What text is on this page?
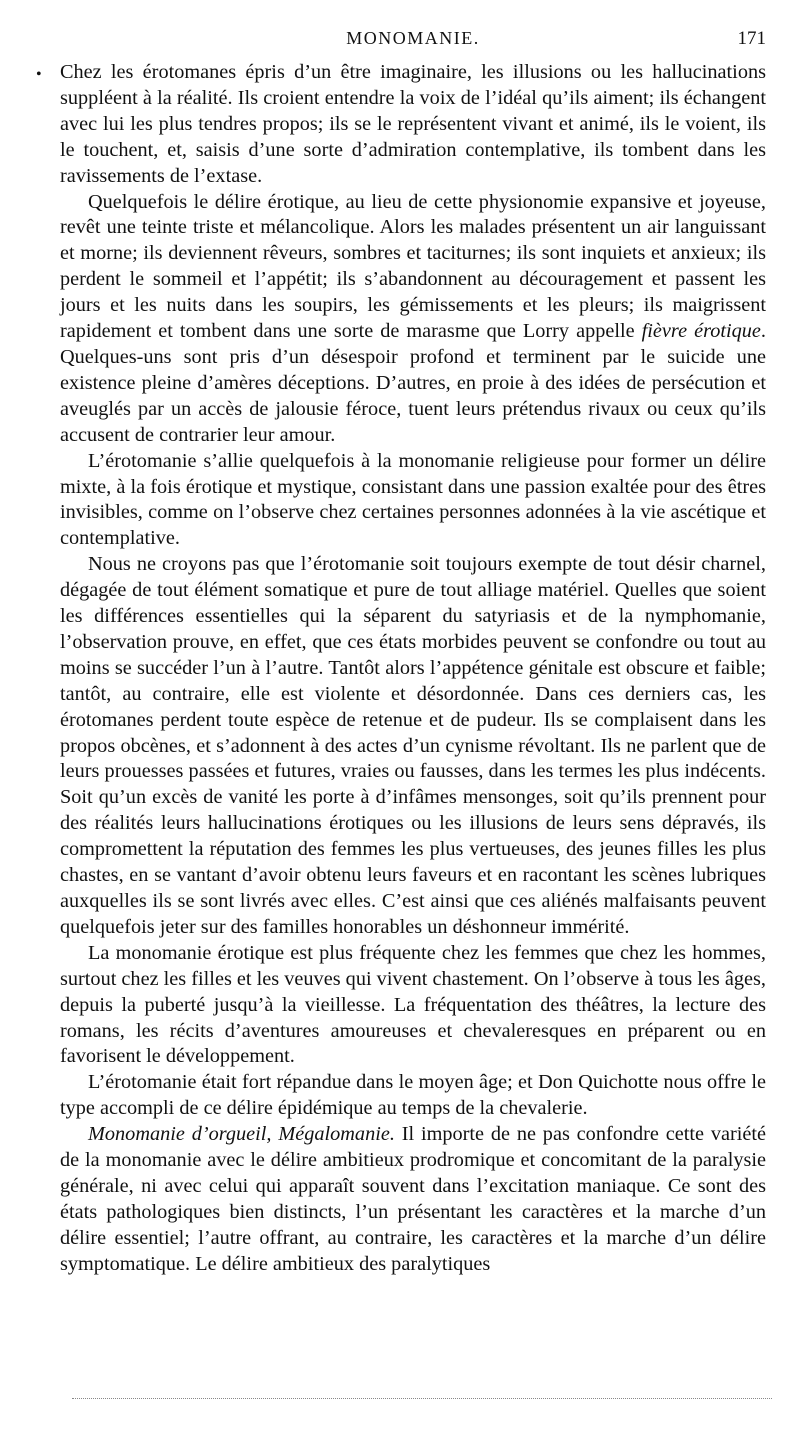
MONOMANIE.	171
• Chez les érotomanes épris d’un être imaginaire, les illusions ou les hallucinations suppléent à la réalité. Ils croient entendre la voix de l’idéal qu’ils aiment; ils échangent avec lui les plus tendres propos; ils se le représentent vivant et animé, ils le voient, ils le touchent, et, saisis d’une sorte d’admiration contemplative, ils tombent dans les ravissements de l’extase.

Quelquefois le délire érotique, au lieu de cette physionomie expansive et joyeuse, revêt une teinte triste et mélancolique. Alors les malades présentent un air languissant et morne; ils deviennent rêveurs, sombres et taciturnes; ils sont inquiets et anxieux; ils perdent le sommeil et l’appétit; ils s’abandonnent au découragement et passent les jours et les nuits dans les soupirs, les gémissements et les pleurs; ils maigrissent rapidement et tombent dans une sorte de marasme que Lorry appelle fièvre érotique. Quelques-uns sont pris d’un désespoir profond et terminent par le suicide une existence pleine d’amères déceptions. D’autres, en proie à des idées de persécution et aveuglés par un accès de jalousie féroce, tuent leurs prétendus rivaux ou ceux qu’ils accusent de contrarier leur amour.

L’érotomanie s’allie quelquefois à la monomanie religieuse pour former un délire mixte, à la fois érotique et mystique, consistant dans une passion exaltée pour des êtres invisibles, comme on l’observe chez certaines personnes adonnées à la vie ascétique et contemplative.

Nous ne croyons pas que l’érotomanie soit toujours exempte de tout désir charnel, dégagée de tout élément somatique et pure de tout alliage matériel. Quelles que soient les différences essentielles qui la séparent du satyriasis et de la nymphomanie, l’observation prouve, en effet, que ces états morbides peuvent se confondre ou tout au moins se succéder l’un à l’autre. Tantôt alors l’appétence génitale est obscure et faible; tantôt, au contraire, elle est violente et désordonnée. Dans ces derniers cas, les érotomanes perdent toute espèce de retenue et de pudeur. Ils se complaisent dans les propos obcènes, et s’adonnent à des actes d’un cynisme révoltant. Ils ne parlent que de leurs prouesses passées et futures, vraies ou fausses, dans les termes les plus indécents. Soit qu’un excès de vanité les porte à d’infâmes mensonges, soit qu’ils prennent pour des réalités leurs hallucinations érotiques ou les illusions de leurs sens dépravés, ils compromettent la réputation des femmes les plus vertueuses, des jeunes filles les plus chastes, en se vantant d’avoir obtenu leurs faveurs et en racontant les scènes lubriques auxquelles ils se sont livrés avec elles. C’est ainsi que ces aliénés malfaisants peuvent quelquefois jeter sur des familles honorables un déshonneur immérité.

La monomanie érotique est plus fréquente chez les femmes que chez les hommes, surtout chez les filles et les veuves qui vivent chastement. On l’observe à tous les âges, depuis la puberté jusqu’à la vieillesse. La fréquentation des théâtres, la lecture des romans, les récits d’aventures amoureuses et chevaleresques en préparent ou en favorisent le développement.

L’érotomanie était fort répandue dans le moyen âge; et Don Quichotte nous offre le type accompli de ce délire épidémique au temps de la chevalerie.

Monomanie d’orgueil, Mégalomanie. Il importe de ne pas confondre cette variété de la monomanie avec le délire ambitieux prodromique et concomitant de la paralysie générale, ni avec celui qui apparaît souvent dans l’excitation maniaque. Ce sont des états pathologiques bien distincts, l’un présentant les caractères et la marche d’un délire essentiel; l’autre offrant, au contraire, les caractères et la marche d’un délire symptomatique. Le délire ambitieux des paralytiques
